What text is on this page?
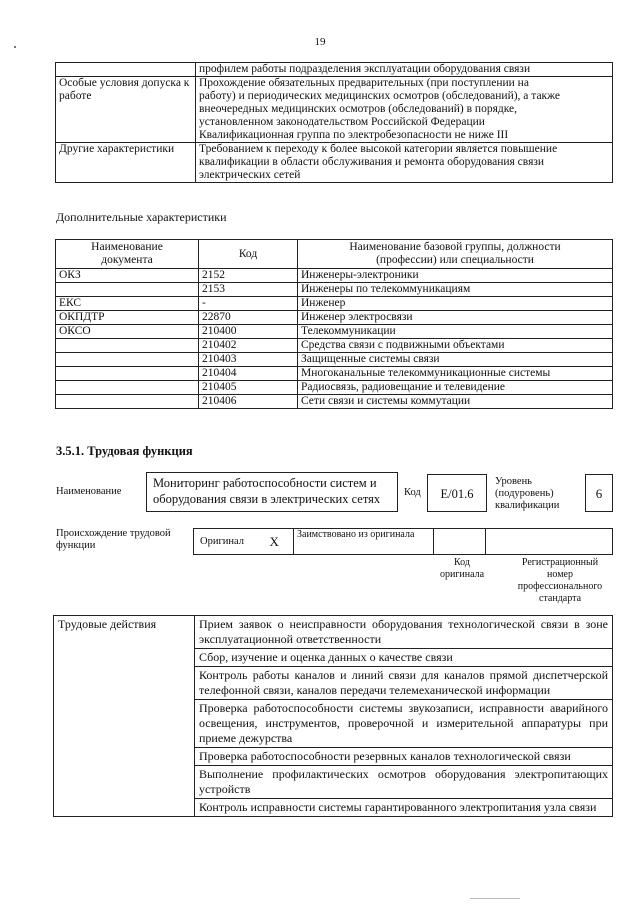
19
	профилем работы подразделения эксплуатации оборудования связи
Особые условия допуска к работе	Прохождение обязательных предварительных (при поступлении на
работу) и периодических медицинских осмотров (обследований), а также
внеочередных медицинских осмотров (обследований) в порядке,
установленном законодательством Российской Федерации
Квалификационная группа по электробезопасности не ниже III

Другие характеристики	Требованием к переходу к более высокой категории является повышение
квалификации в области обслуживания и ремонта оборудования связи
электрических сетей
Дополнительные характеристики
Наименование документа	Код	Наименование базовой группы, должности (профессии) или специальности
ОКЗ	2152	Инженеры-электроники
	2153	Инженеры по телекоммуникациям
ЕКС	-	Инженер
ОКПДТР	22870	Инженер электросвязи
ОКСО	210400	Телекоммуникации
	210402	Средства связи с подвижными объектами
	210403	Защищенные системы связи
	210404	Многоканальные телекоммуникационные системы
	210405	Радиосвязь, радиовещание и телевидение
	210406	Сети связи и системы коммутации
3.5.1. Трудовая функция
Наименование
Мониторинг работоспособности систем и оборудования связи в электрических сетях	Код	E/01.6
Уровень (подуровень) квалификации
6
Происхождение трудовой функции	Оригинал	X	Заимствовано из оригинала		
Код оригинала
Регистрационный номер профессионального стандарта
Трудовые действия	Прием заявок о неисправности оборудования технологической связи в зоне эксплуатационной ответственности
Сбор, изучение и оценка данных о качестве связи
Контроль работы каналов и линий связи для каналов прямой диспетчерской телефонной связи, каналов передачи телемеханической информации
Проверка работоспособности системы звукозаписи, исправности аварийного освещения, инструментов, проверочной и измерительной аппаратуры при приеме дежурства
Проверка работоспособности резервных каналов технологической связи
Выполнение профилактических осмотров оборудования электропитающих устройств
Контроль исправности системы гарантированного электропитания узла связи
